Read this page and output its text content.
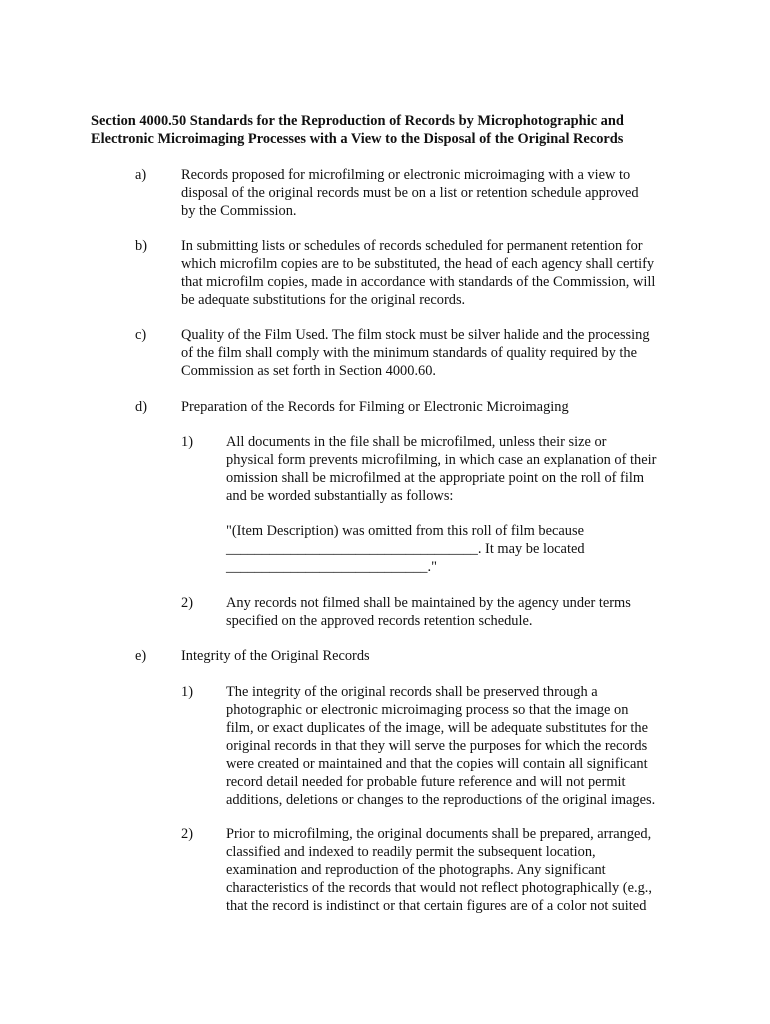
Section 4000.50 Standards for the Reproduction of Records by Microphotographic and
Electronic Microimaging Processes with a View to the Disposal of the Original Records
a) Records proposed for microfilming or electronic microimaging with a view to
disposal of the original records must be on a list or retention schedule approved
by the Commission.
b) In submitting lists or schedules of records scheduled for permanent retention for
which microfilm copies are to be substituted, the head of each agency shall certify
that microfilm copies, made in accordance with standards of the Commission, will
be adequate substitutions for the original records.
c) Quality of the Film Used. The film stock must be silver halide and the processing
of the film shall comply with the minimum standards of quality required by the
Commission as set forth in Section 4000.60.
d) Preparation of the Records for Filming or Electronic Microimaging
1) All documents in the file shall be microfilmed, unless their size or
physical form prevents microfilming, in which case an explanation of their
omission shall be microfilmed at the appropriate point on the roll of film
and be worded substantially as follows:
"(Item Description) was omitted from this roll of film because
___________________________________. It may be located
____________________________."
2) Any records not filmed shall be maintained by the agency under terms
specified on the approved records retention schedule.
e) Integrity of the Original Records
1) The integrity of the original records shall be preserved through a
photographic or electronic microimaging process so that the image on
film, or exact duplicates of the image, will be adequate substitutes for the
original records in that they will serve the purposes for which the records
were created or maintained and that the copies will contain all significant
record detail needed for probable future reference and will not permit
additions, deletions or changes to the reproductions of the original images.
2) Prior to microfilming, the original documents shall be prepared, arranged,
classified and indexed to readily permit the subsequent location,
examination and reproduction of the photographs. Any significant
characteristics of the records that would not reflect photographically (e.g.,
that the record is indistinct or that certain figures are of a color not suited
